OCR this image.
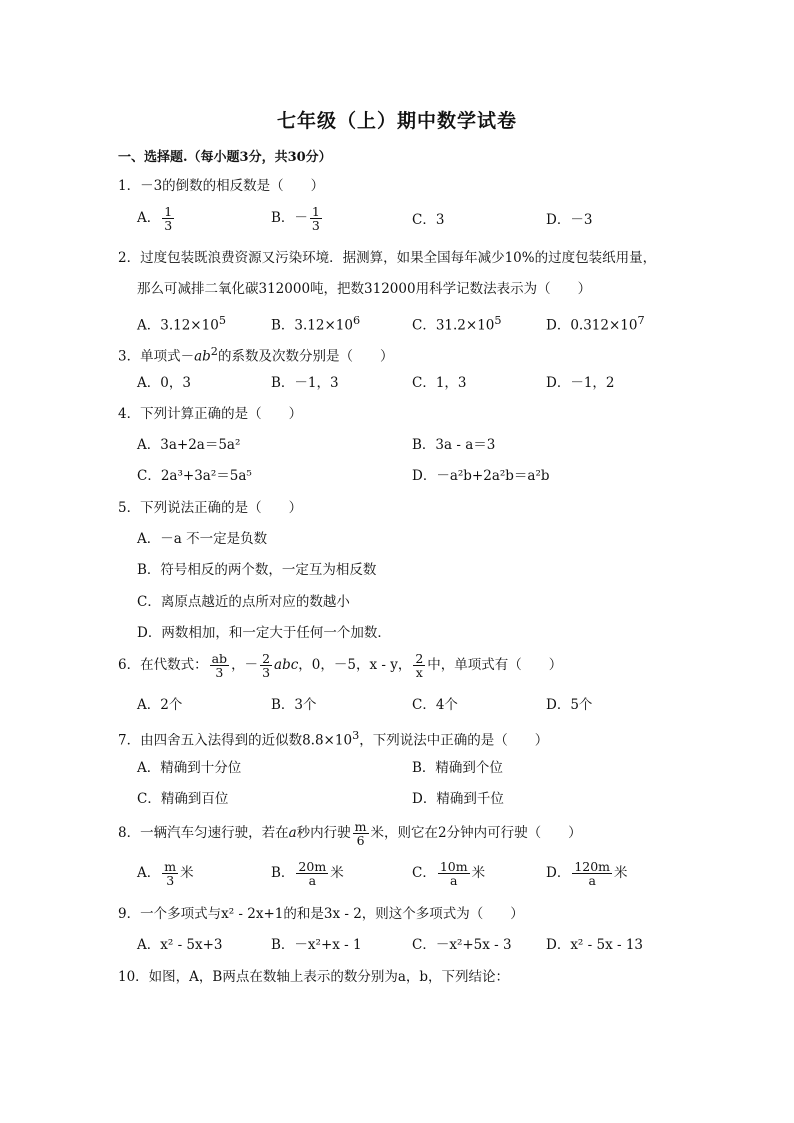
七年级（上）期中数学试卷
一、选择题.（每小题3分，共30分）
1．－3的倒数的相反数是（　　）
A． $\frac{1}{3}$	B．－ $\frac{1}{3}$	C．3	D．－3
2．过度包装既浪费资源又污染环境．据测算，如果全国每年减少10%的过度包装纸用量，
那么可减排二氧化碳312000吨，把数312000用科学记数法表示为（　　）
A．$3.12\times 10^5$	B．$3.12\times 10^6$	C．$31.2\times 10^5$	D．$0.312\times 10^7$
3．单项式$-ab^2$的系数及次数分别是（　　）
A．0，3	B．－1，3	C．1，3	D．－1，2
4．下列计算正确的是（　　）
A．3a+2a＝5a²	B．3a - a＝3
C．2a³+3a²＝5a⁵	D．－a²b+2a²b＝a²b
5．下列说法正确的是（　　）
A．－a 不一定是负数
B．符号相反的两个数，一定互为相反数
C．离原点越近的点所对应的数越小
D．两数相加，和一定大于任何一个加数．
6．在代数式： $\frac{ab}{3}$ ，－ $\frac{2}{3}$ abc，0，－5，x - y， $\frac{2}{x}$ 中，单项式有（　　）
A．2个	B．3个	C．4个	D．5个
7．由四舍五入法得到的近似数$8.8\times 10^3$，下列说法中正确的是（　　）
A．精确到十分位	B．精确到个位
C．精确到百位	D．精确到千位
8．一辆汽车匀速行驶，若在a秒内行驶 $\frac{m}{6}$ 米，则它在2分钟内可行驶（　　）
A． $\frac{m}{3}$ 米	B． $\frac{20m}{a}$ 米	C． $\frac{10m}{a}$ 米	D． $\frac{120m}{a}$ 米
9．一个多项式与x² - 2x+1的和是3x - 2，则这个多项式为（　　）
A．x² - 5x+3	B．－x²+x - 1	C．－x²+5x - 3	D．x² - 5x - 13
10．如图，A，B两点在数轴上表示的数分别为a，b，下列结论：
